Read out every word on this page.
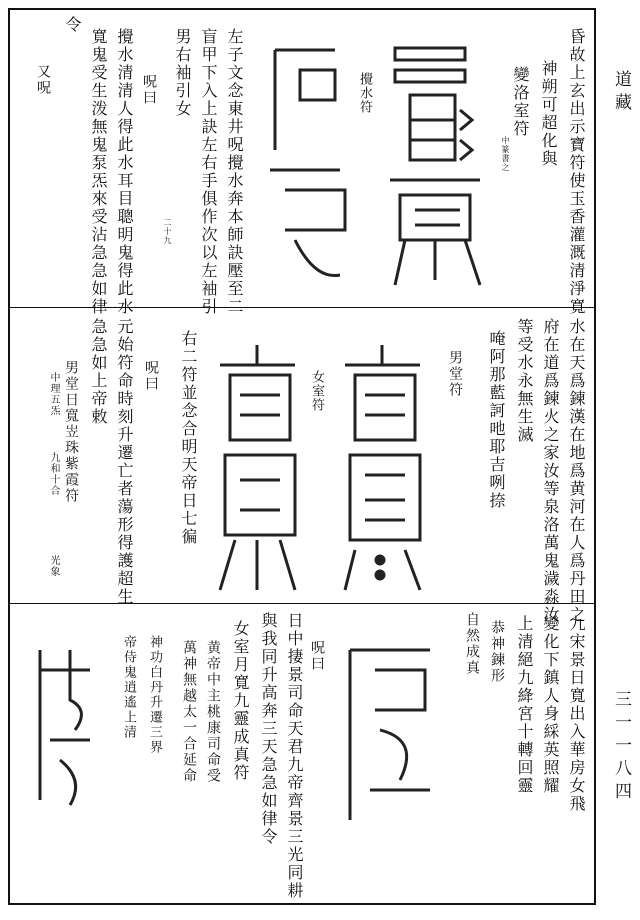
道藏
三一一八四
昏故上玄出示寶符使玉香灌溉清淨寬
神朔可超化與
變洛室符
中篆書之
攪水符
左子文念東井呪攪水奔本師訣壓至二
盲甲下入上訣左右手俱作次以左袖引
男右袖引女
二十九
呪曰
攪水清清人得此水耳目聰明鬼得此水
寬鬼受生泼無鬼泵炁來受沾急急如律
令
又呪
水在天爲鍊漢在地爲黄河在人爲丹田之
府在道爲鍊火之家汝等泉洛萬鬼濊淼汝
等受水永無生滅
唵阿那藍訶吔耶吉咧捺
男堂符
女室符
右二符並念合明天帝日七徧
呪曰
元始符命時刻升遷亡者蕩形得護超生
急急如上帝敕
男堂日寬岦珠紫霞符
中理五炁
九和十合
光象
九宋景日寬出入華房女飛
變化下鎮人身綵英照耀
上清絕九絳宮十轉回靈
恭神鍊形
自然成真
呪曰
日中捿景司命天君九帝齊景三光同耕
與我同升高奔三天急急如律令
女室月寬九靈成真符
黄帝中主桃康司命受
萬神無越太一合延命
神功白丹升遷三界
帝侍鬼逍遙上清
